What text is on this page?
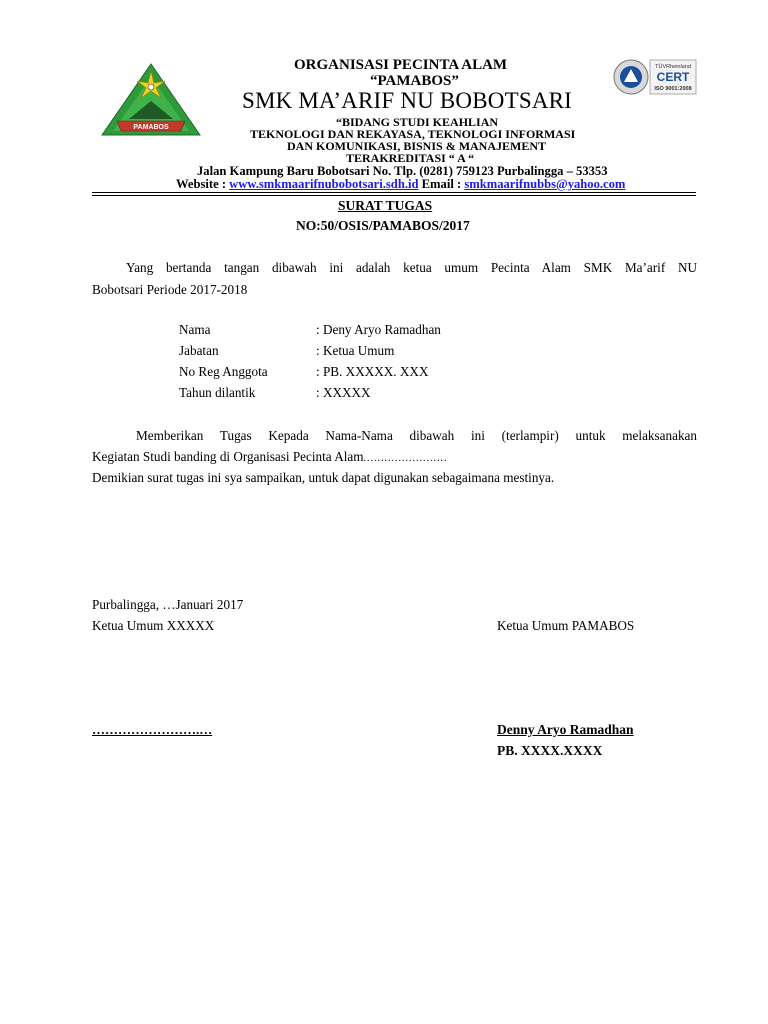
PAMABOS
TÜVRheinland
CERT
ISO 9001:2008
ORGANISASI PECINTA ALAM
“PAMABOS”
SMK MA’ARIF NU BOBOTSARI
“BIDANG STUDI KEAHLIAN
TEKNOLOGI DAN REKAYASA, TEKNOLOGI INFORMASI
DAN KOMUNIKASI, BISNIS & MANAJEMENT
TERAKREDITASI “ A “
Jalan Kampung Baru Bobotsari No. Tlp. (0281) 759123 Purbalingga – 53353
Website : www.smkmaarifnubobotsari.sdh.id Email : smkmaarifnubbs@yahoo.com
SURAT TUGAS
NO:50/OSIS/PAMABOS/2017
Yang bertanda tangan dibawah ini adalah ketua umum Pecinta Alam SMK Ma’arif NU
Bobotsari Periode 2017-2018
Nama	: Deny Aryo Ramadhan
Jabatan	: Ketua Umum
No Reg Anggota	: PB. XXXXX. XXX
Tahun dilantik	: XXXXX
Memberikan Tugas Kepada Nama-Nama dibawah ini (terlampir) untuk melaksanakan
Kegiatan Studi banding di Organisasi Pecinta Alam........................
Demikian surat tugas ini sya sampaikan, untuk dapat digunakan sebagaimana mestinya.
Purbalingga, …Januari 2017
Ketua Umum XXXXX	Ketua Umum PAMABOS
…………………….…	Denny Aryo Ramadhan
PB. XXXX.XXXX
